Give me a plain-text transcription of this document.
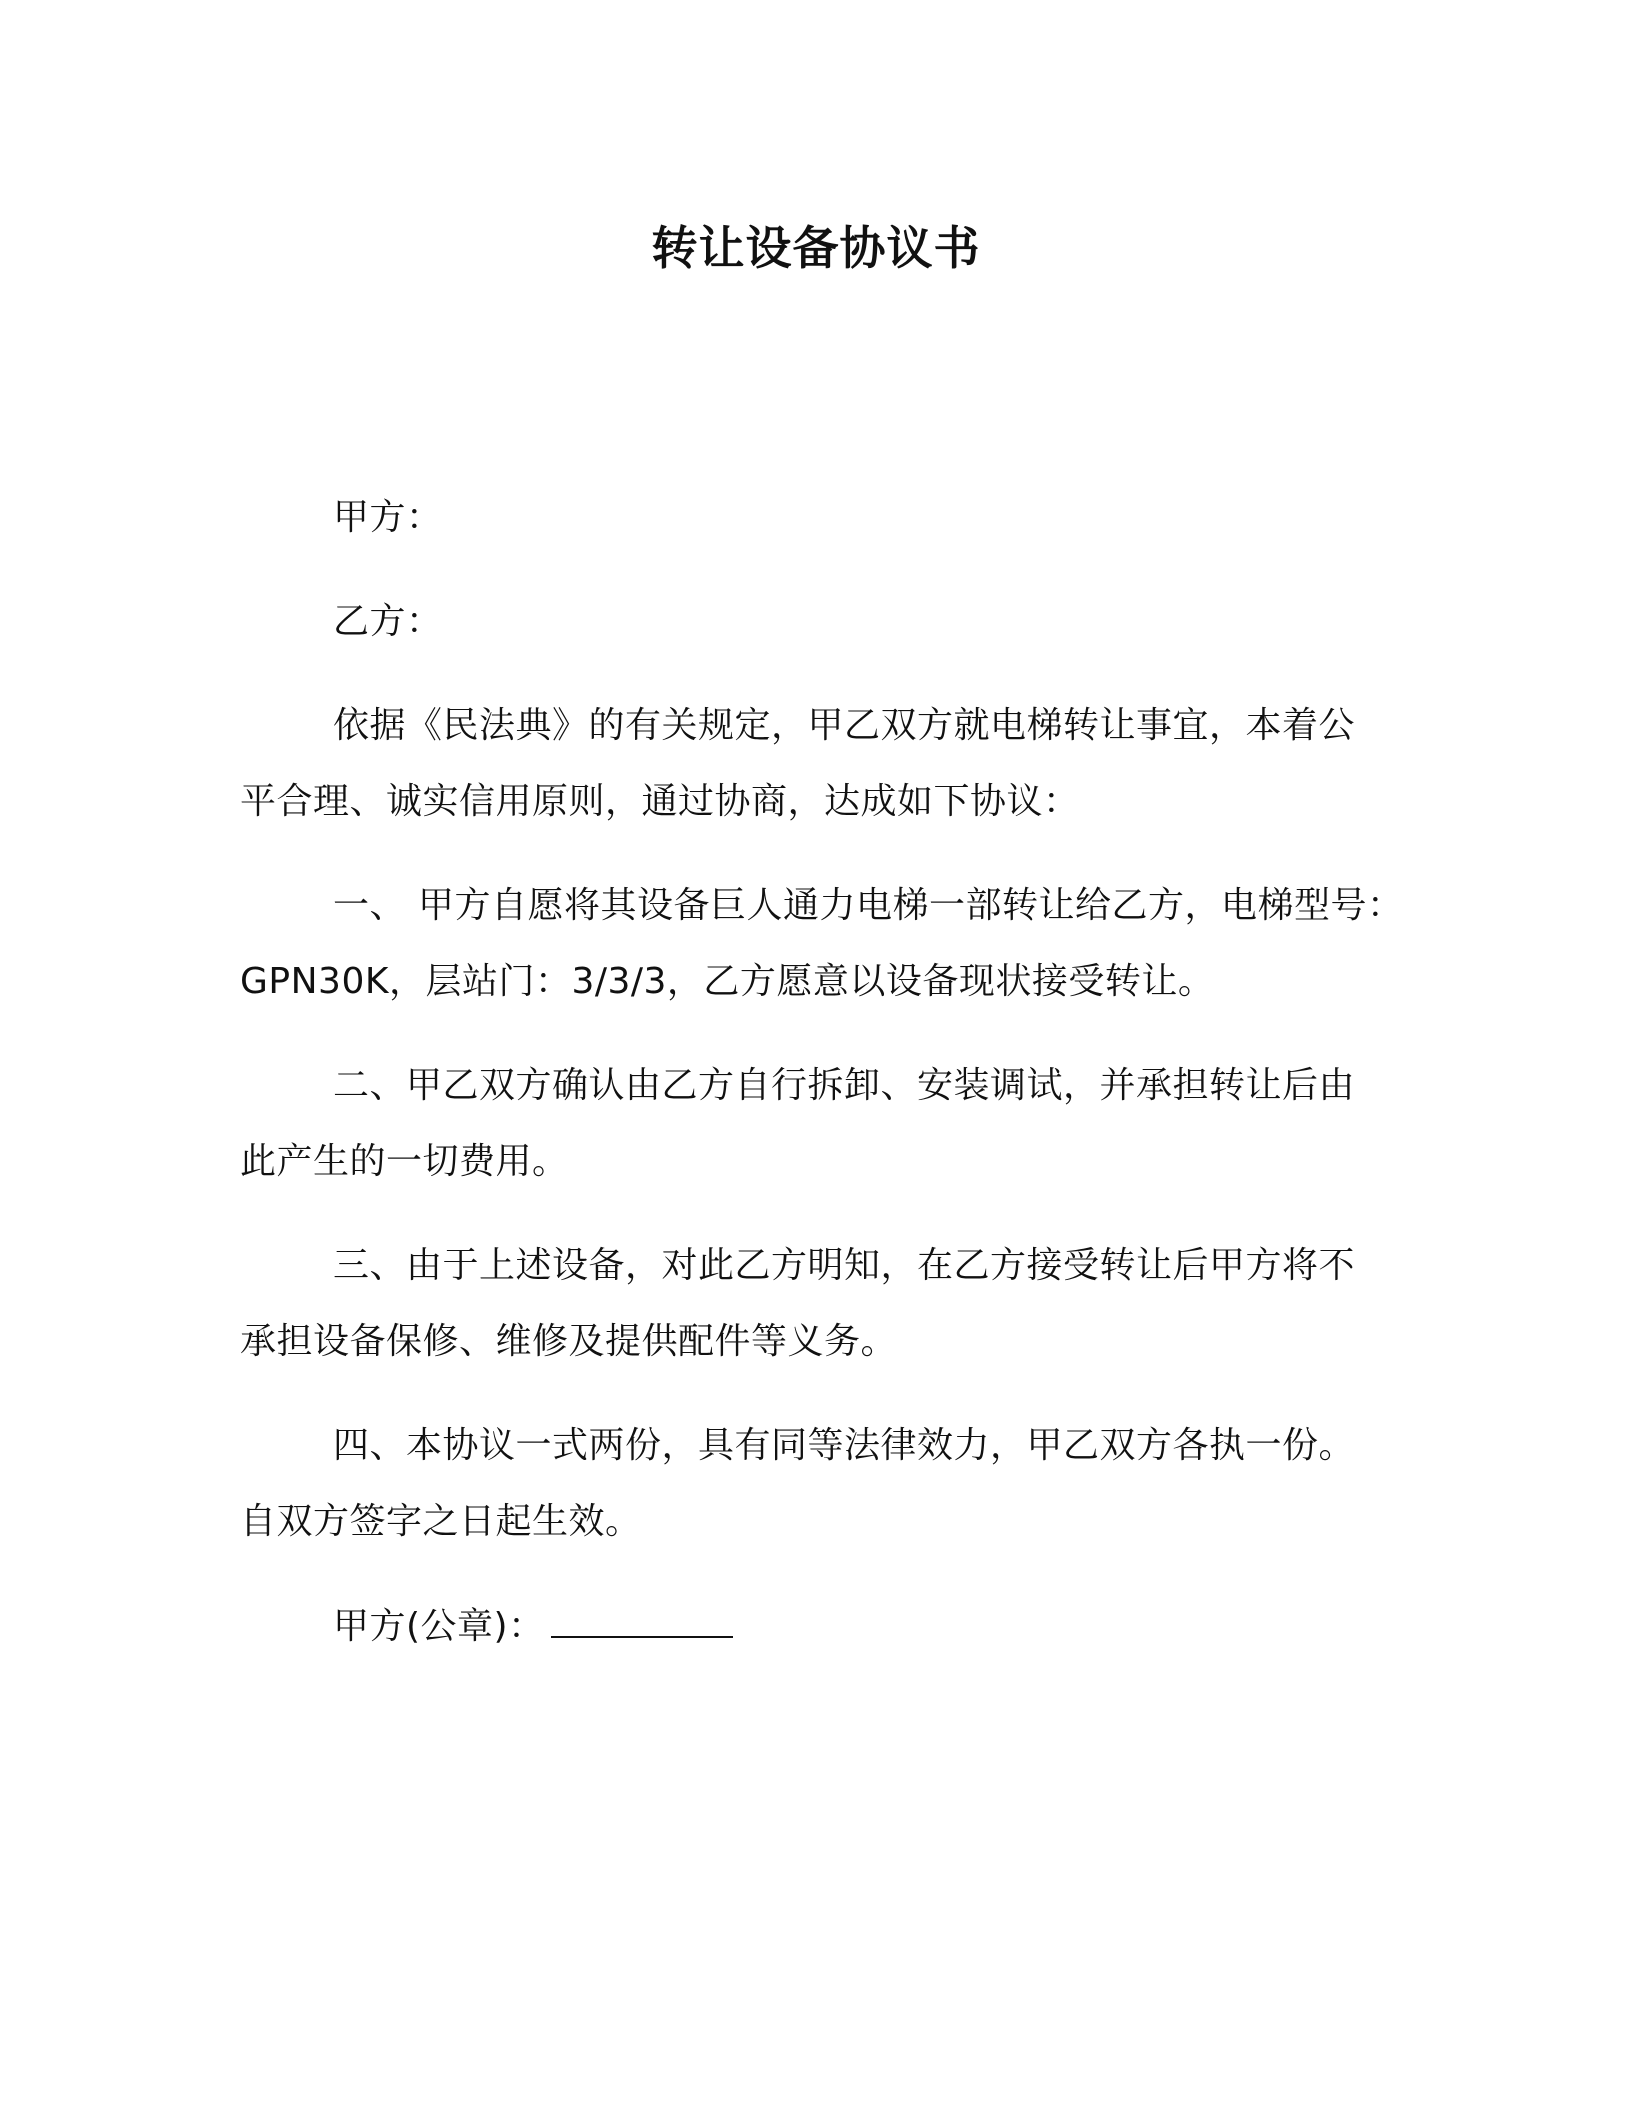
转让设备协议书
甲方：
乙方：
依据《民法典》的有关规定，甲乙双方就电梯转让事宜，本着公
平合理、诚实信用原则，通过协商，达成如下协议：
一、 甲方自愿将其设备巨人通力电梯一部转让给乙方，电梯型号：
GPN30K，层站门：3/3/3，乙方愿意以设备现状接受转让。
二、甲乙双方确认由乙方自行拆卸、安装调试，并承担转让后由
此产生的一切费用。
三、由于上述设备，对此乙方明知，在乙方接受转让后甲方将不
承担设备保修、维修及提供配件等义务。
四、本协议一式两份，具有同等法律效力，甲乙双方各执一份。
自双方签字之日起生效。
甲方(公章)：
